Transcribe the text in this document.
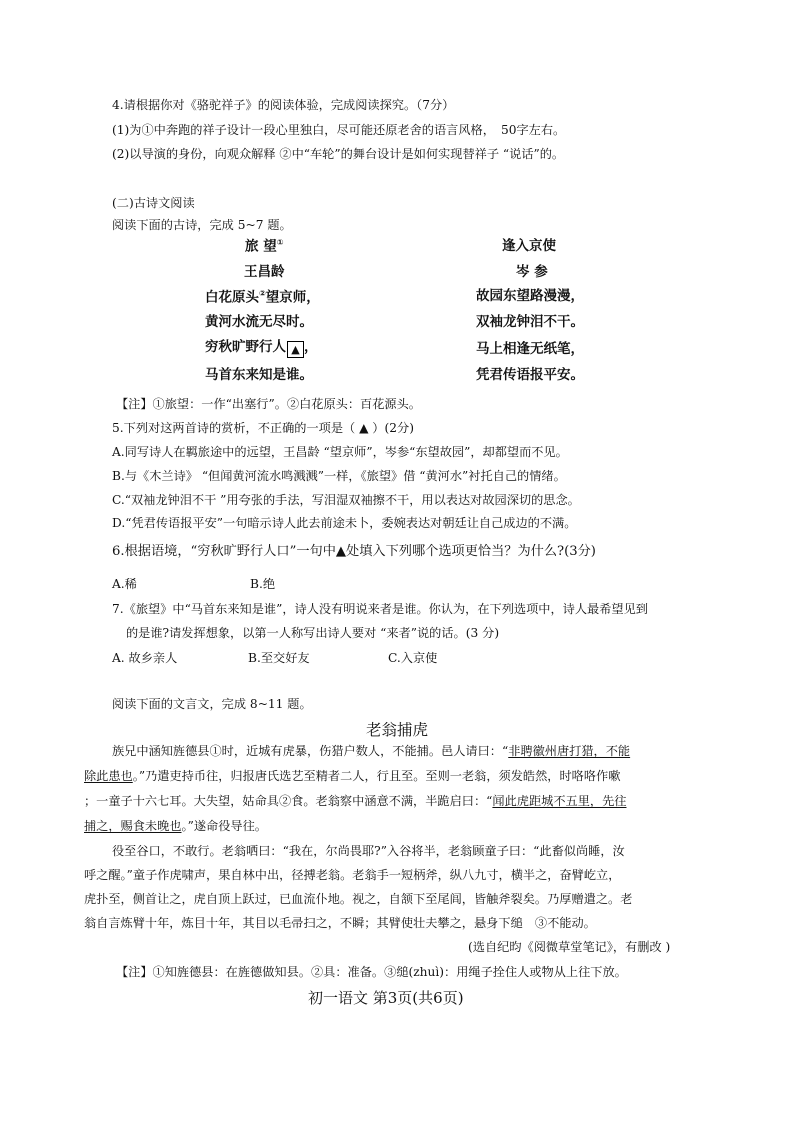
4.请根据你对《骆驼祥子》的阅读体验，完成阅读探究。（7分）
(1)为①中奔跑的祥子设计一段心里独白，尽可能还原老舍的语言风格，　50字左右。
(2)以导演的身份，向观众解释 ②中“车轮”的舞台设计是如何实现替祥子 “说话”的。
(二)古诗文阅读
阅读下面的古诗，完成 5~7 题。
旅 望①
王昌龄
白花原头②望京师，
黄河水流无尽时。
穷秋旷野行人 ▲ ，
马首东来知是谁。
逢入京使
岑 参
故园东望路漫漫，
双袖龙钟泪不干。
马上相逢无纸笔，
凭君传语报平安。
【注】①旅望：一作“出塞行”。②白花原头：百花源头。
5.下列对这两首诗的赏析，不正确的一项是（ ▲ ）(2分)
A.同写诗人在羁旅途中的远望，王昌龄 “望京师”，岑参“东望故园”，却都望而不见。
B.与《木兰诗》 “但闻黄河流水鸣溅溅”一样，《旅望》借 “黄河水”衬托自己的情绪。
C.“双袖龙钟泪不干 ”用夸张的手法，写泪湿双袖擦不干，用以表达对故园深切的思念。
D.“凭君传语报平安”一句暗示诗人此去前途未卜，委婉表达对朝廷让自己成边的不满。
6.根据语境，“穷秋旷野行人口”一句中▲处填入下列哪个选项更恰当？为什么?(3分)
A.稀	B.绝
7.《旅望》中“马首东来知是谁”，诗人没有明说来者是谁。你认为，在下列选项中，诗人最希望见到
的是谁?请发挥想象，以第一人称写出诗人要对 “来者”说的话。(3 分)
A. 故乡亲人	B.至交好友	C.入京使
阅读下面的文言文，完成 8~11 题。
老翁捕虎
族兄中涵知旌德县①时，近城有虎暴，伤猎户数人，不能捕。邑人请曰：“非聘徽州唐打猎，不能
除此患也。”乃遣吏持币往，归报唐氏选艺至精者二人，行且至。至则一老翁，须发皓然，时咯咯作嗽
；一童子十六七耳。大失望，姑命具②食。老翁察中涵意不满，半跪启曰：“闻此虎距城不五里，先往
捕之，赐食未晚也。”遂命役导往。
役至谷口，不敢行。老翁哂曰：“我在，尔尚畏耶?”入谷将半，老翁顾童子曰：“此畜似尚睡，汝
呼之醒。”童子作虎啸声，果自林中出，径搏老翁。老翁手一短柄斧，纵八九寸，横半之，奋臂屹立，
虎扑至，侧首让之，虎自顶上跃过，已血流仆地。视之，自颔下至尾闾，皆触斧裂矣。乃厚赠遣之。老
翁自言炼臂十年，炼目十年，其目以毛帚扫之，不瞬；其臂使壮夫攀之，悬身下缒　③不能动。
(选自纪昀《阅微草堂笔记》，有删改 )
【注】①知旌德县：在旌德做知县。②具：准备。③缒(zhuì)：用绳子拴住人或物从上往下放。
初一语文 第3页(共6页)
